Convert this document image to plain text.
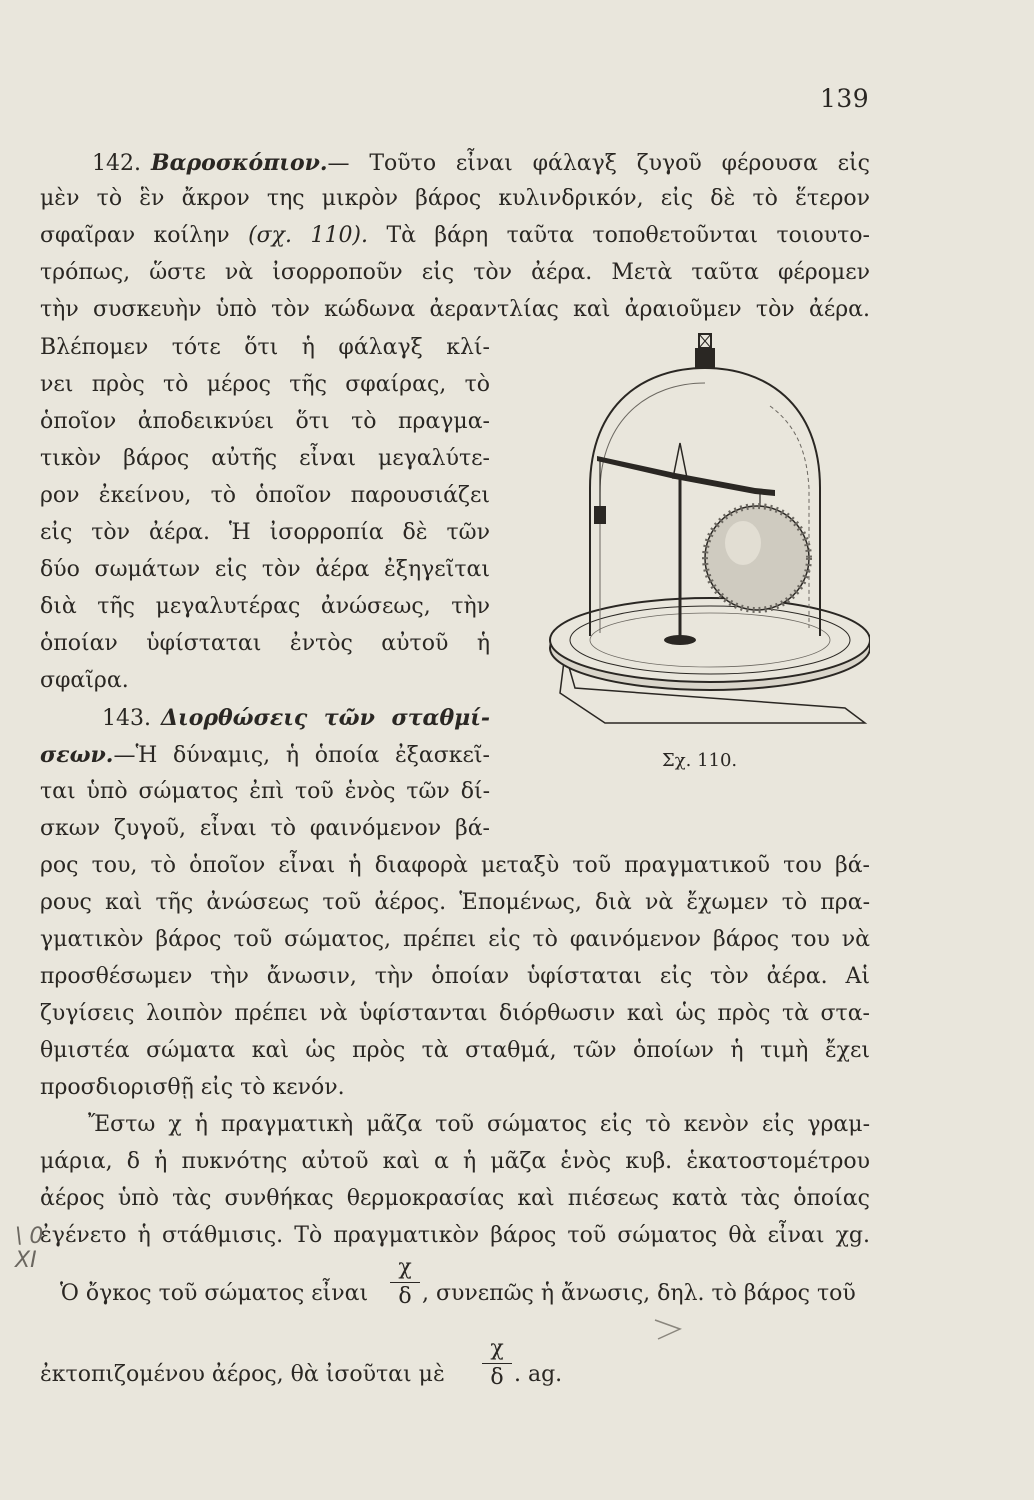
139
142. Βαροσκόπιον.— Τοῦτο εἶναι φάλαγξ ζυγοῦ φέρουσα εἰς
μὲν τὸ ἓν ἄκρον της μικρὸν βάρος κυλινδρικόν, εἰς δὲ τὸ ἕτερον
σφαῖραν κοίλην (σχ. 110). Τὰ βάρη ταῦτα τοποθετοῦνται τοιουτο-
τρόπως, ὥστε νὰ ἰσορροποῦν εἰς τὸν ἀέρα. Μετὰ ταῦτα φέρομεν
τὴν συσκευὴν ὑπὸ τὸν κώδωνα ἀεραντλίας καὶ ἀραιοῦμεν τὸν ἀέρα.
Βλέπομεν τότε ὅτι ἡ φάλαγξ κλί-
νει πρὸς τὸ μέρος τῆς σφαίρας, τὸ
ὁποῖον ἀποδεικνύει ὅτι τὸ πραγμα-
τικὸν βάρος αὐτῆς εἶναι μεγαλύτε-
ρον ἐκείνου, τὸ ὁποῖον παρουσιάζει
εἰς τὸν ἀέρα. Ἡ ἰσορροπία δὲ τῶν
δύο σωμάτων εἰς τὸν ἀέρα ἐξηγεῖται
διὰ τῆς μεγαλυτέρας ἀνώσεως, τὴν
ὁποίαν ὑφίσταται ἐντὸς αὐτοῦ ἡ
σφαῖρα.
143. Διορθώσεις τῶν σταθμί-
σεων.—Ἡ δύναμις, ἡ ὁποία ἐξασκεῖ-
ται ὑπὸ σώματος ἐπὶ τοῦ ἑνὸς τῶν δί-
σκων ζυγοῦ, εἶναι τὸ φαινόμενον βά-
ρος του, τὸ ὁποῖον εἶναι ἡ διαφορὰ μεταξὺ τοῦ πραγματικοῦ του βά-
ρους καὶ τῆς ἀνώσεως τοῦ ἀέρος. Ἑπομένως, διὰ νὰ ἔχωμεν τὸ πρα-
γματικὸν βάρος τοῦ σώματος, πρέπει εἰς τὸ φαινόμενον βάρος του νὰ
προσθέσωμεν τὴν ἄνωσιν, τὴν ὁποίαν ὑφίσταται εἰς τὸν ἀέρα. Αἱ
ζυγίσεις λοιπὸν πρέπει νὰ ὑφίστανται διόρθωσιν καὶ ὡς πρὸς τὰ στα-
θμιστέα σώματα καὶ ὡς πρὸς τὰ σταθμά, τῶν ὁποίων ἡ τιμὴ ἔχει
προσδιορισθῇ εἰς τὸ κενόν.
Ἔστω χ ἡ πραγματικὴ μᾶζα τοῦ σώματος εἰς τὸ κενὸν εἰς γραμ-
μάρια, δ ἡ πυκνότης αὐτοῦ καὶ α ἡ μᾶζα ἑνὸς κυβ. ἑκατοστομέτρου
ἀέρος ὑπὸ τὰς συνθήκας θερμοκρασίας καὶ πιέσεως κατὰ τὰς ὁποίας
ἐγένετο ἡ στάθμισις. Τὸ πραγματικὸν βάρος τοῦ σώματος θὰ εἶναι χg.
Ὁ ὄγκος τοῦ σώματος εἶναι
χ
δ , συνεπῶς ἡ ἄνωσις, δηλ. τὸ βάρος τοῦ
ἐκτοπιζομένου ἀέρος, θὰ ἰσοῦται μὲ
χ
δ . ag.
\ 0
XI
Σχ. 110.
